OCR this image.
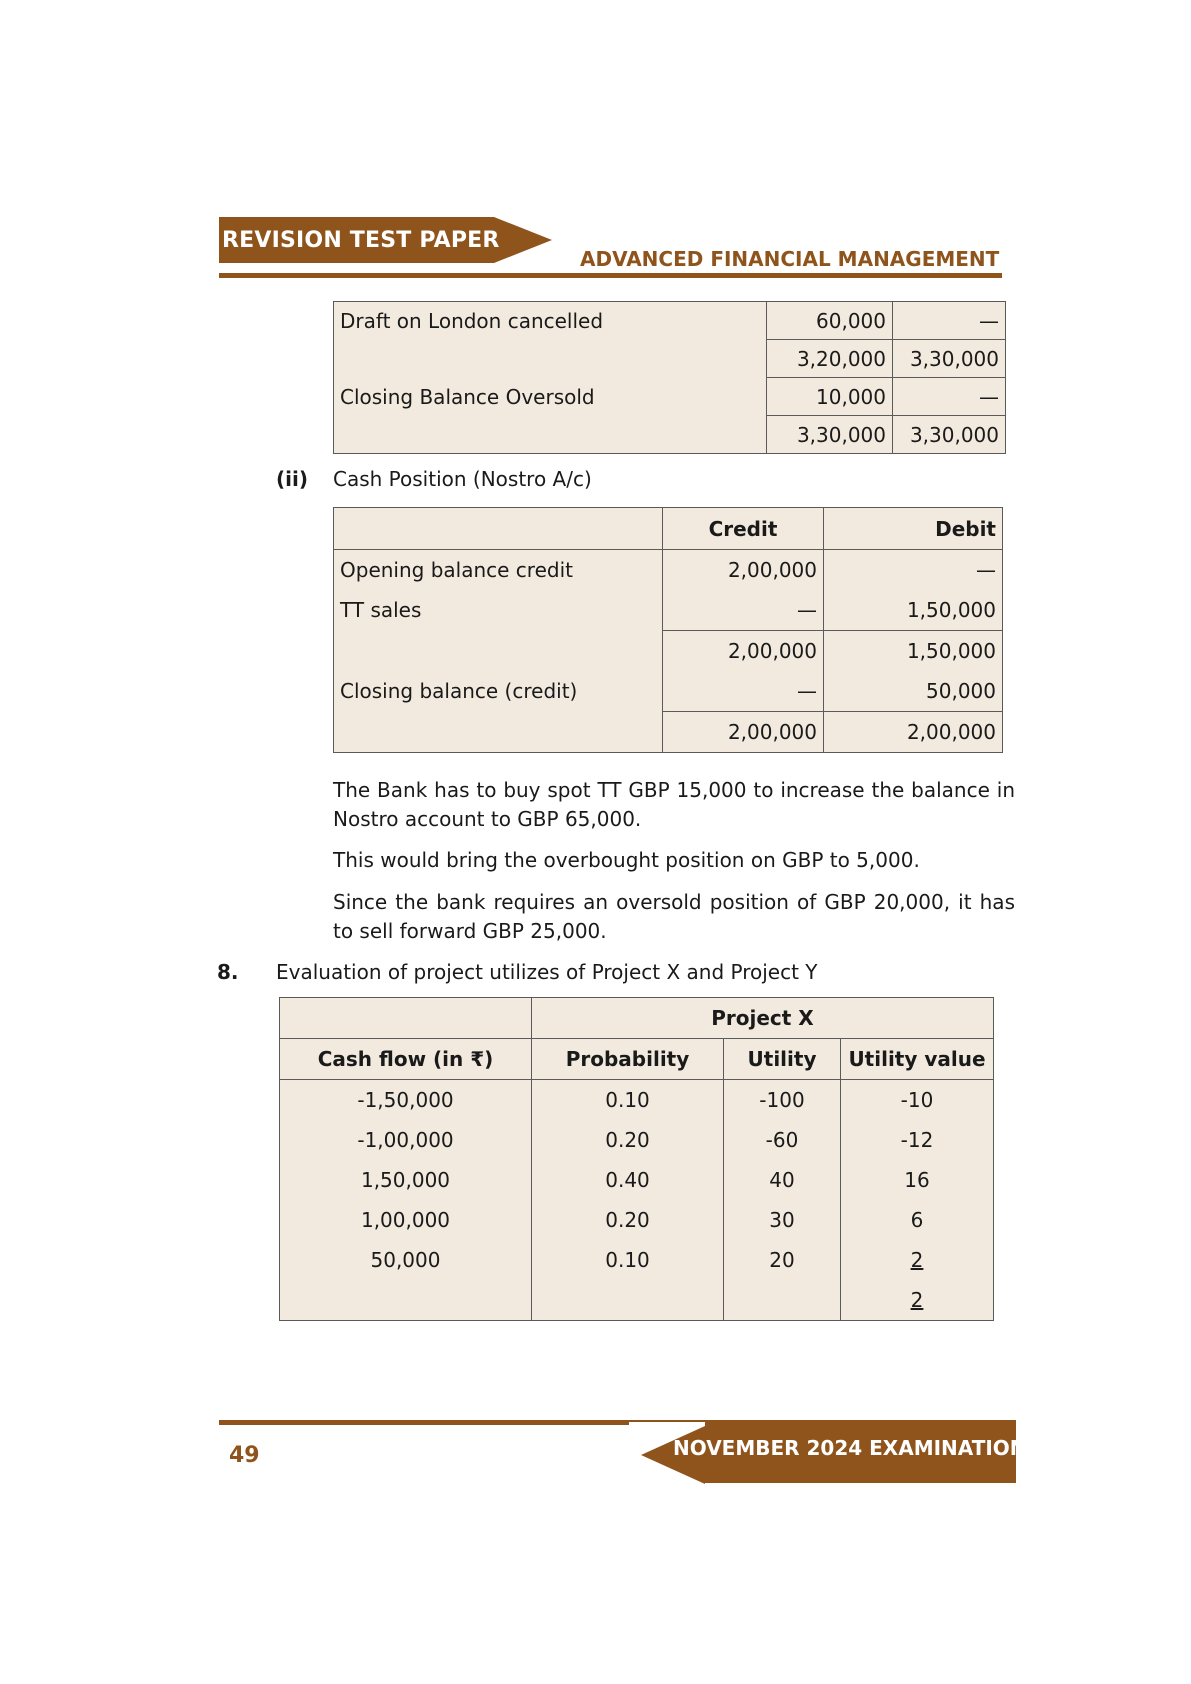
REVISION TEST PAPER
ADVANCED FINANCIAL MANAGEMENT
Draft on London cancelled	60,000	—
	3,20,000	3,30,000
Closing Balance Oversold	10,000	—
	3,30,000	3,30,000
(ii) Cash Position (Nostro A/c)
	Credit	Debit
Opening balance credit	2,00,000	—
TT sales	—	1,50,000
	2,00,000	1,50,000
Closing balance (credit)	—	50,000
	2,00,000	2,00,000
The Bank has to buy spot TT GBP 15,000 to increase the balance in Nostro account to GBP 65,000.
This would bring the overbought position on GBP to 5,000.
Since the bank requires an oversold position of GBP 20,000, it has to sell forward GBP 25,000.
8. Evaluation of project utilizes of Project X and Project Y
	Project X		
Cash flow (in ₹)	Probability	Utility	Utility value
-1,50,000	0.10	-100	-10
-1,00,000	0.20	-60	-12
1,50,000	0.40	40	16
1,00,000	0.20	30	6
50,000	0.10	20	2
			2
49	NOVEMBER 2024 EXAMINATION
